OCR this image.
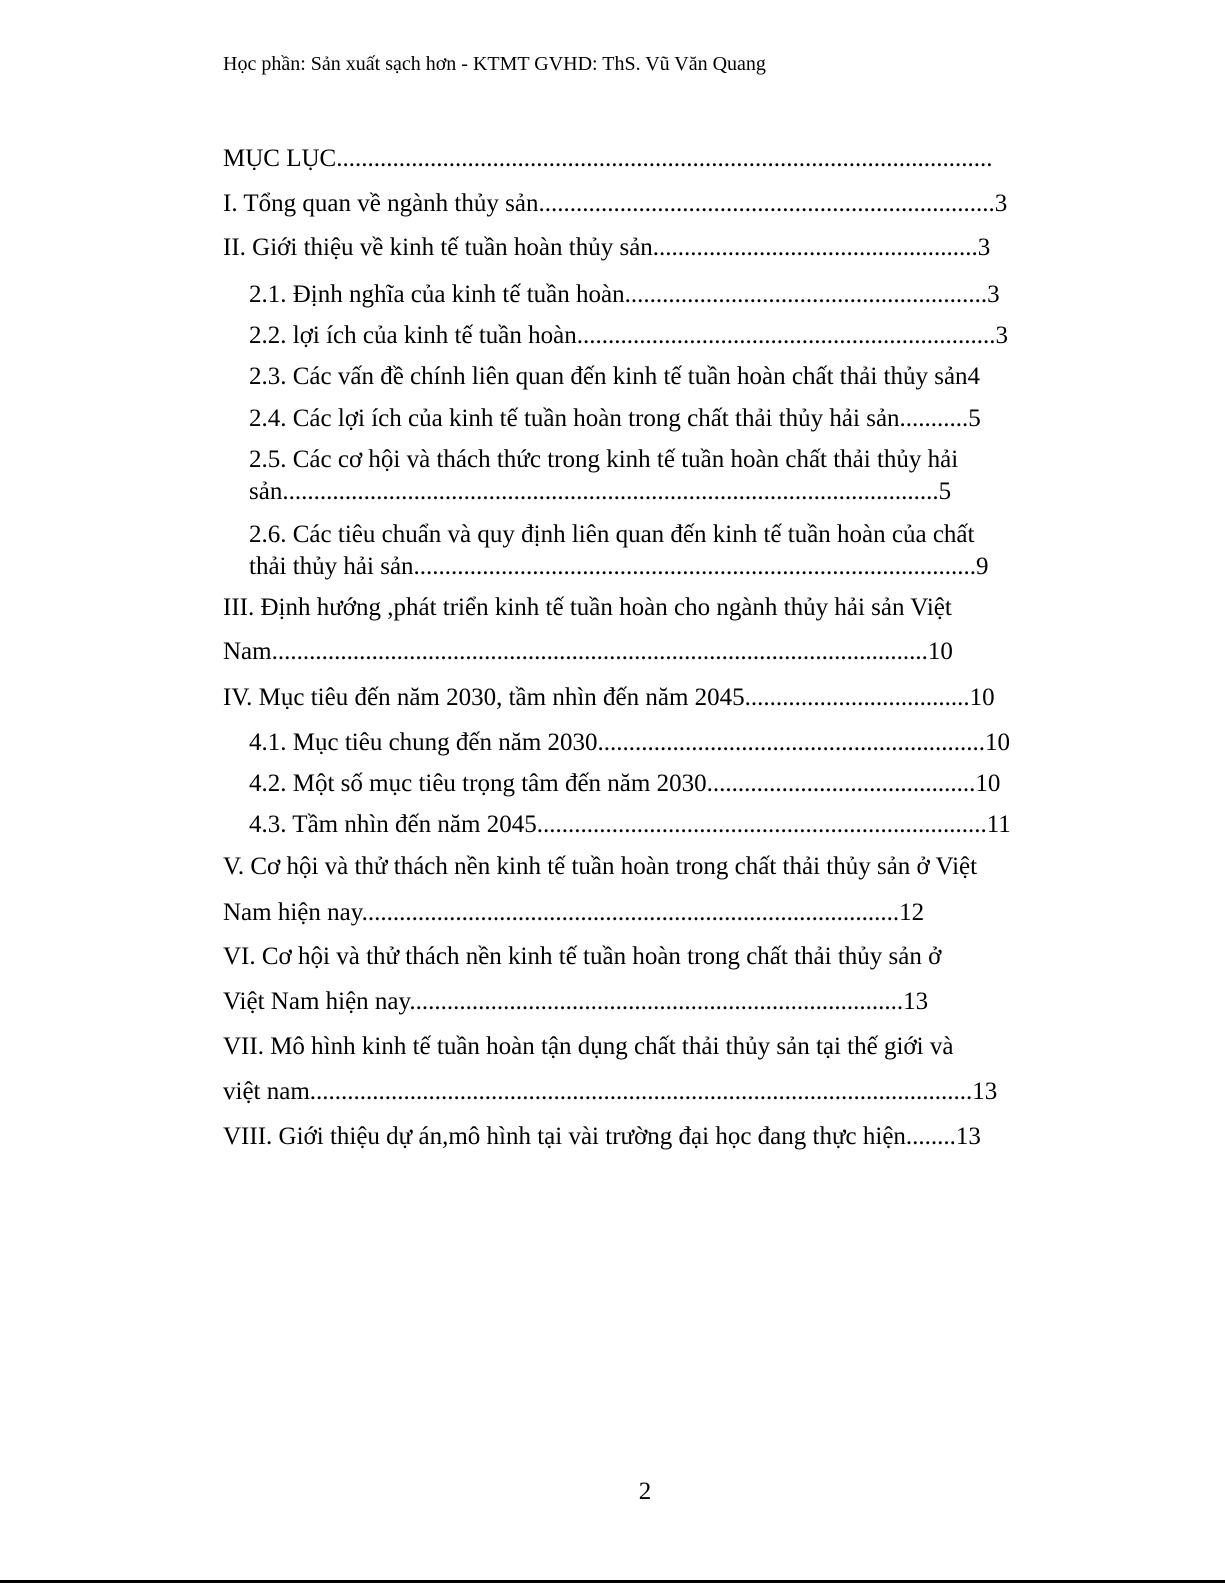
Học phần: Sản xuất sạch hơn - KTMT GVHD: ThS. Vũ Văn Quang
MỤC LỤC.........................................................................................................
I. Tổng quan về ngành thủy sản.........................................................................3
II. Giới thiệu về kinh tế tuần hoàn thủy sản....................................................3
2.1. Định nghĩa của kinh tế tuần hoàn..........................................................3
2.2. lợi ích của kinh tế tuần hoàn...................................................................3
2.3. Các vấn đề chính liên quan đến kinh tế tuần hoàn chất thải thủy sản4
2.4. Các lợi ích của kinh tế tuần hoàn trong chất thải thủy hải sản...........5
2.5. Các cơ hội và thách thức trong kinh tế tuần hoàn chất thải thủy hải
sản.........................................................................................................5
2.6. Các tiêu chuẩn và quy định liên quan đến kinh tế tuần hoàn của chất
thải thủy hải sản..........................................................................................9
III. Định hướng ,phát triển kinh tế tuần hoàn cho ngành thủy hải sản Việt
Nam.........................................................................................................10
IV. Mục tiêu đến năm 2030, tầm nhìn đến năm 2045....................................10
4.1. Mục tiêu chung đến năm 2030..............................................................10
4.2. Một số mục tiêu trọng tâm đến năm 2030...........................................10
4.3. Tầm nhìn đến năm 2045........................................................................11
V. Cơ hội và thử thách nền kinh tế tuần hoàn trong chất thải thủy sản ở Việt
Nam hiện nay......................................................................................12
VI. Cơ hội và thử thách nền kinh tế tuần hoàn trong chất thải thủy sản ở
Việt Nam hiện nay...............................................................................13
VII. Mô hình kinh tế tuần hoàn tận dụng chất thải thủy sản tại thế giới và
việt nam..........................................................................................................13
VIII. Giới thiệu dự án,mô hình tại vài trường đại học đang thực hiện........13
2
